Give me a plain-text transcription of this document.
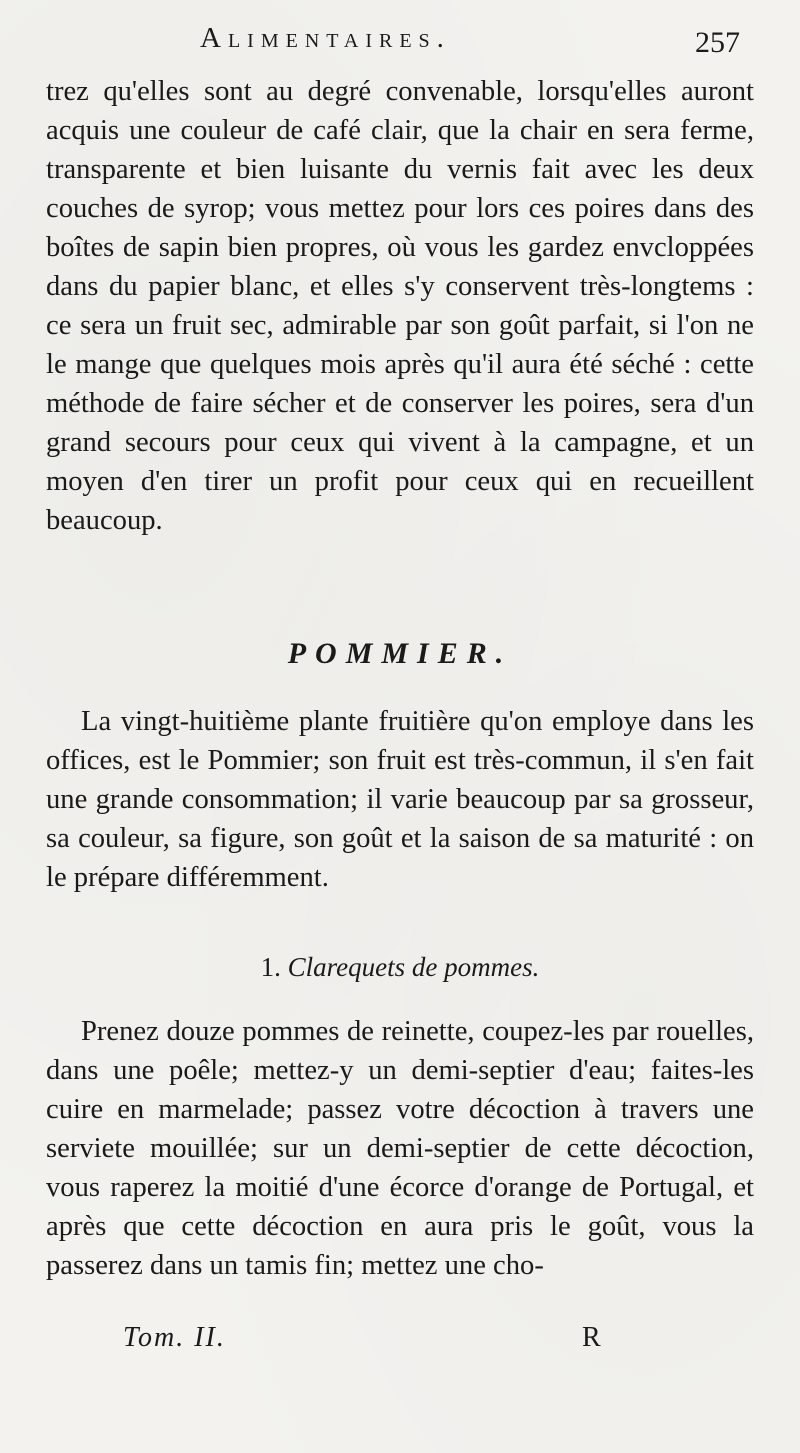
Alimentaires.	257

trez qu'elles sont au degré convenable, lorsqu'elles auront acquis une couleur de café clair, que la chair en sera ferme, transparente et bien luisante du vernis fait avec les deux couches de syrop; vous mettez pour lors ces poires dans des boîtes de sapin bien propres, où vous les gardez envcloppées dans du papier blanc, et elles s'y conservent très-longtems : ce sera un fruit sec, admirable par son goût parfait, si l'on ne le mange que quelques mois après qu'il aura été séché : cette méthode de faire sécher et de conserver les poires, sera d'un grand secours pour ceux qui vivent à la campagne, et un moyen d'en tirer un profit pour ceux qui en recueillent beaucoup.

POMMIER.

La vingt-huitième plante fruitière qu'on employe dans les offices, est le Pommier; son fruit est très-commun, il s'en fait une grande consommation; il varie beaucoup par sa grosseur, sa couleur, sa figure, son goût et la saison de sa maturité : on le prépare différemment.

1. Clarequets de pommes.

Prenez douze pommes de reinette, coupez-les par rouelles, dans une poêle; mettez-y un demi-septier d'eau; faites-les cuire en marmelade; passez votre décoction à travers une serviete mouillée; sur un demi-septier de cette décoction, vous raperez la moitié d'une écorce d'orange de Portugal, et après que cette décoction en aura pris le goût, vous la passerez dans un tamis fin; mettez une cho-

Tom. II.	R
